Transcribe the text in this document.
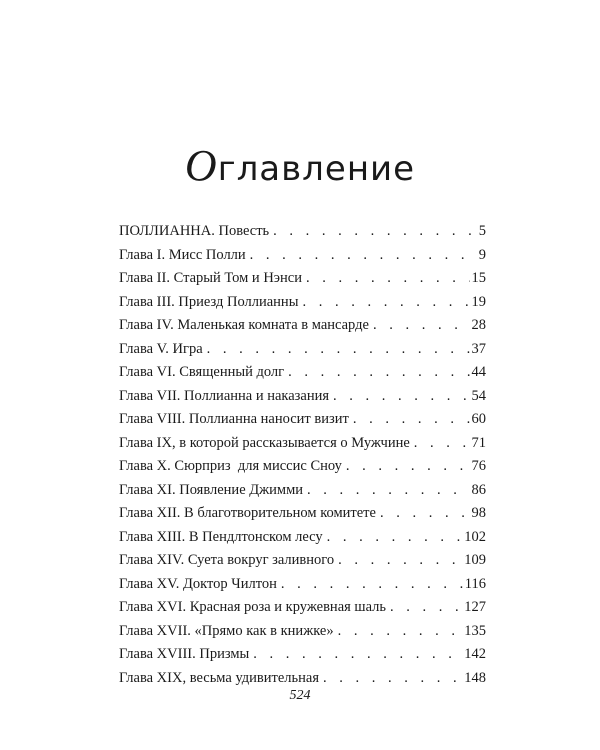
Оглавление
ПОЛЛИАННА. Повесть . . .	5
Глава I. Мисс Полли . . .	9
Глава II. Старый Том и Нэнси . . .	15
Глава III. Приезд Поллианны . . .	19
Глава IV. Маленькая комната в мансарде . . .	28
Глава V. Игра . . .	37
Глава VI. Священный долг . . .	44
Глава VII. Поллианна и наказания . . .	54
Глава VIII. Поллианна наносит визит . . .	60
Глава IX, в которой рассказывается о Мужчине . . .	71
Глава X. Сюрприз  для миссис Сноу . . .	76
Глава XI. Появление Джимми . . .	86
Глава XII. В благотворительном комитете . . .	98
Глава XIII. В Пендлтонском лесу . . .	102
Глава XIV. Суета вокруг заливного . . .	109
Глава XV. Доктор Чилтон . . .	116
Глава XVI. Красная роза и кружевная шаль . . .	127
Глава XVII. «Прямо как в книжке» . . .	135
Глава XVIII. Призмы . . .	142
Глава XIX, весьма удивительная . . .	148
524
